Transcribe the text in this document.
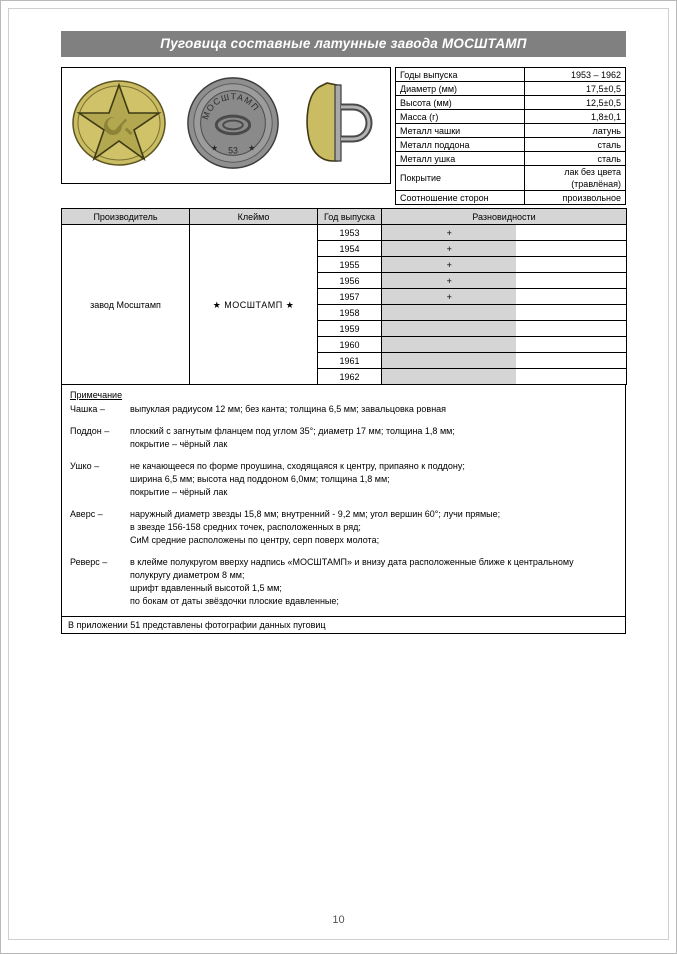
Пуговица составные латунные завода МОСШТАМП
МОСШТАМП
53
★	★
Годы выпуска	1953 – 1962
Диаметр (мм)	17,5±0,5
Высота (мм)	12,5±0,5
Масса (г)	1,8±0,1
Металл чашки	латунь
Металл поддона	сталь
Металл ушка	сталь
Покрытие	лак без цвета (травлёная)
Соотношение сторон	произвольное
Производитель	Клеймо	Год выпуска	Разновидности
завод Мосштамп	★ МОСШТАМП ★	1953		+	

1954		+	

1955		+	

1956		+	

1957		+	

1958	

1959	

1960	

1961	

1962	

Примечание
Чашка –	выпуклая радиусом 12 мм; без канта; толщина 6,5 мм; завальцовка ровная
Поддон –	плоский с загнутым фланцем под углом 35°; диаметр 17 мм; толщина 1,8 мм;
покрытие – чёрный лак
Ушко –	не качающееся по форме проушина, сходящаяся к центру, припаяно к поддону;
ширина 6,5 мм; высота над поддоном 6,0мм; толщина 1,8 мм;
покрытие – чёрный лак
Аверс –	наружный диаметр звезды 15,8 мм; внутренний - 9,2 мм; угол вершин 60°; лучи прямые;
в звезде 156-158 средних точек, расположенных в ряд;
СиМ средние расположены по центру, серп поверх молота;
Реверс –	в клейме полукругом вверху надпись «МОСШТАМП» и внизу дата расположенные ближе к центральному
полукругу диаметром 8 мм;
шрифт вдавленный высотой 1,5 мм;
по бокам от даты звёздочки плоские вдавленные;
В приложении 51 представлены фотографии данных пуговиц
10
